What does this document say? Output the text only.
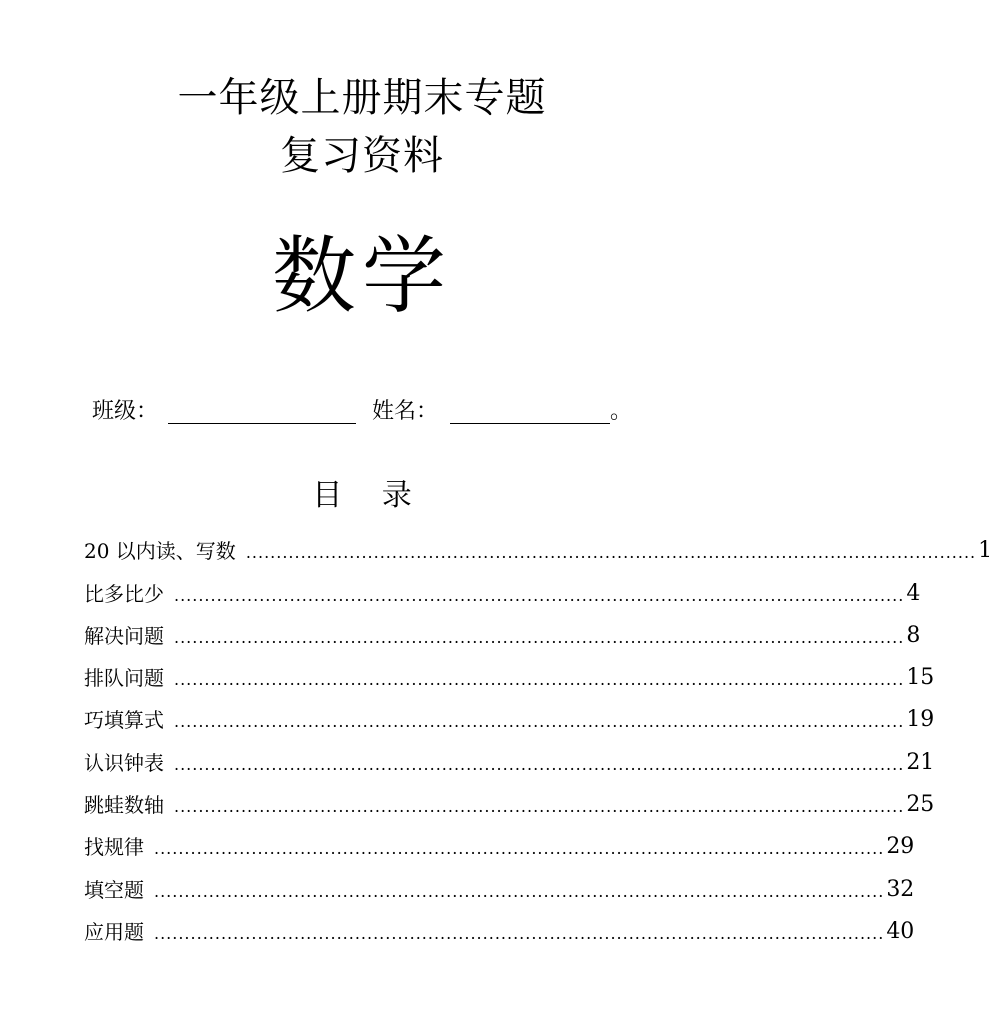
一年级上册期末专题
复习资料
数学
班级：	姓名：	。
目 录
20 以内读、写数 ........................................................................................................................ 1
比多比少 ........................................................................................................................ 4
解决问题 ........................................................................................................................ 8
排队问题 ........................................................................................................................ 15
巧填算式 ........................................................................................................................ 19
认识钟表 ........................................................................................................................ 21
跳蛙数轴 ........................................................................................................................ 25
找规律 ........................................................................................................................ 29
填空题 ........................................................................................................................ 32
应用题 ........................................................................................................................ 40
